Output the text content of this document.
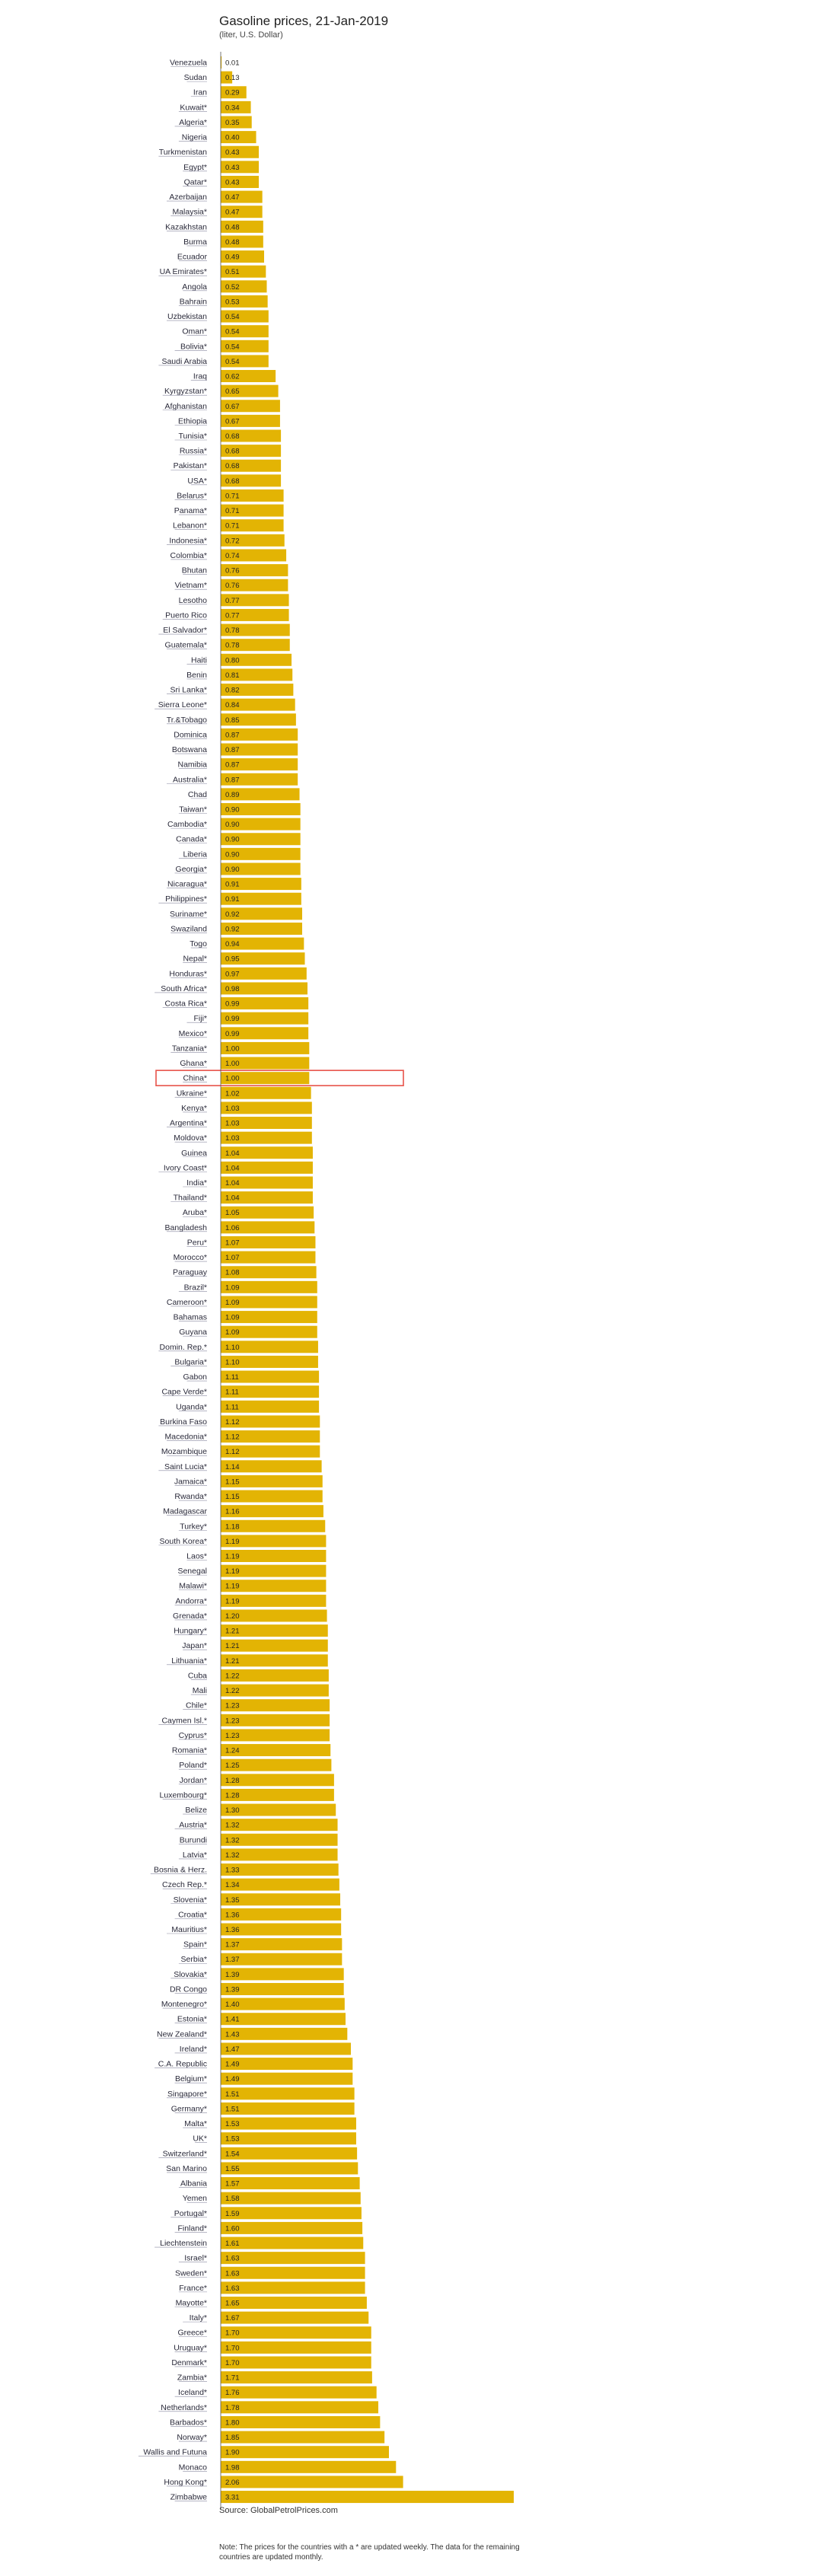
Gasoline prices, 21-Jan-2019
(liter, U.S. Dollar)
Venezuela	0.01
Sudan	0.13
Iran	0.29
Kuwait*	0.34
Algeria*	0.35
Nigeria	0.40
Turkmenistan	0.43
Egypt*	0.43
Qatar*	0.43
Azerbaijan	0.47
Malaysia*	0.47
Kazakhstan	0.48
Burma	0.48
Ecuador	0.49
UA Emirates*	0.51
Angola	0.52
Bahrain	0.53
Uzbekistan	0.54
Oman*	0.54
Bolivia*	0.54
Saudi Arabia	0.54
Iraq	0.62
Kyrgyzstan*	0.65
Afghanistan	0.67
Ethiopia	0.67
Tunisia*	0.68
Russia*	0.68
Pakistan*	0.68
USA*	0.68
Belarus*	0.71
Panama*	0.71
Lebanon*	0.71
Indonesia*	0.72
Colombia*	0.74
Bhutan	0.76
Vietnam*	0.76
Lesotho	0.77
Puerto Rico	0.77
El Salvador*	0.78
Guatemala*	0.78
Haiti	0.80
Benin	0.81
Sri Lanka*	0.82
Sierra Leone*	0.84
Tr.&Tobago	0.85
Dominica	0.87
Botswana	0.87
Namibia	0.87
Australia*	0.87
Chad	0.89
Taiwan*	0.90
Cambodia*	0.90
Canada*	0.90
Liberia	0.90
Georgia*	0.90
Nicaragua*	0.91
Philippines*	0.91
Suriname*	0.92
Swaziland	0.92
Togo	0.94
Nepal*	0.95
Honduras*	0.97
South Africa*	0.98
Costa Rica*	0.99
Fiji*	0.99
Mexico*	0.99
Tanzania*	1.00
Ghana*	1.00
China*	1.00
Ukraine*	1.02
Kenya*	1.03
Argentina*	1.03
Moldova*	1.03
Guinea	1.04
Ivory Coast*	1.04
India*	1.04
Thailand*	1.04
Aruba*	1.05
Bangladesh	1.06
Peru*	1.07
Morocco*	1.07
Paraguay	1.08
Brazil*	1.09
Cameroon*	1.09
Bahamas	1.09
Guyana	1.09
Domin. Rep.*	1.10
Bulgaria*	1.10
Gabon	1.11
Cape Verde*	1.11
Uganda*	1.11
Burkina Faso	1.12
Macedonia*	1.12
Mozambique	1.12
Saint Lucia*	1.14
Jamaica*	1.15
Rwanda*	1.15
Madagascar	1.16
Turkey*	1.18
South Korea*	1.19
Laos*	1.19
Senegal	1.19
Malawi*	1.19
Andorra*	1.19
Grenada*	1.20
Hungary*	1.21
Japan*	1.21
Lithuania*	1.21
Cuba	1.22
Mali	1.22
Chile*	1.23
Caymen Isl.*	1.23
Cyprus*	1.23
Romania*	1.24
Poland*	1.25
Jordan*	1.28
Luxembourg*	1.28
Belize	1.30
Austria*	1.32
Burundi	1.32
Latvia*	1.32
Bosnia & Herz.	1.33
Czech Rep.*	1.34
Slovenia*	1.35
Croatia*	1.36
Mauritius*	1.36
Spain*	1.37
Serbia*	1.37
Slovakia*	1.39
DR Congo	1.39
Montenegro*	1.40
Estonia*	1.41
New Zealand*	1.43
Ireland*	1.47
C.A. Republic	1.49
Belgium*	1.49
Singapore*	1.51
Germany*	1.51
Malta*	1.53
UK*	1.53
Switzerland*	1.54
San Marino	1.55
Albania	1.57
Yemen	1.58
Portugal*	1.59
Finland*	1.60
Liechtenstein	1.61
Israel*	1.63
Sweden*	1.63
France*	1.63
Mayotte*	1.65
Italy*	1.67
Greece*	1.70
Uruguay*	1.70
Denmark*	1.70
Zambia*	1.71
Iceland*	1.76
Netherlands*	1.78
Barbados*	1.80
Norway*	1.85
Wallis and Futuna	1.90
Monaco	1.98
Hong Kong*	2.06
Zimbabwe	3.31
Source: GlobalPetrolPrices.com
Note: The prices for the countries with a * are updated weekly. The data for the remaining countries are updated monthly.
